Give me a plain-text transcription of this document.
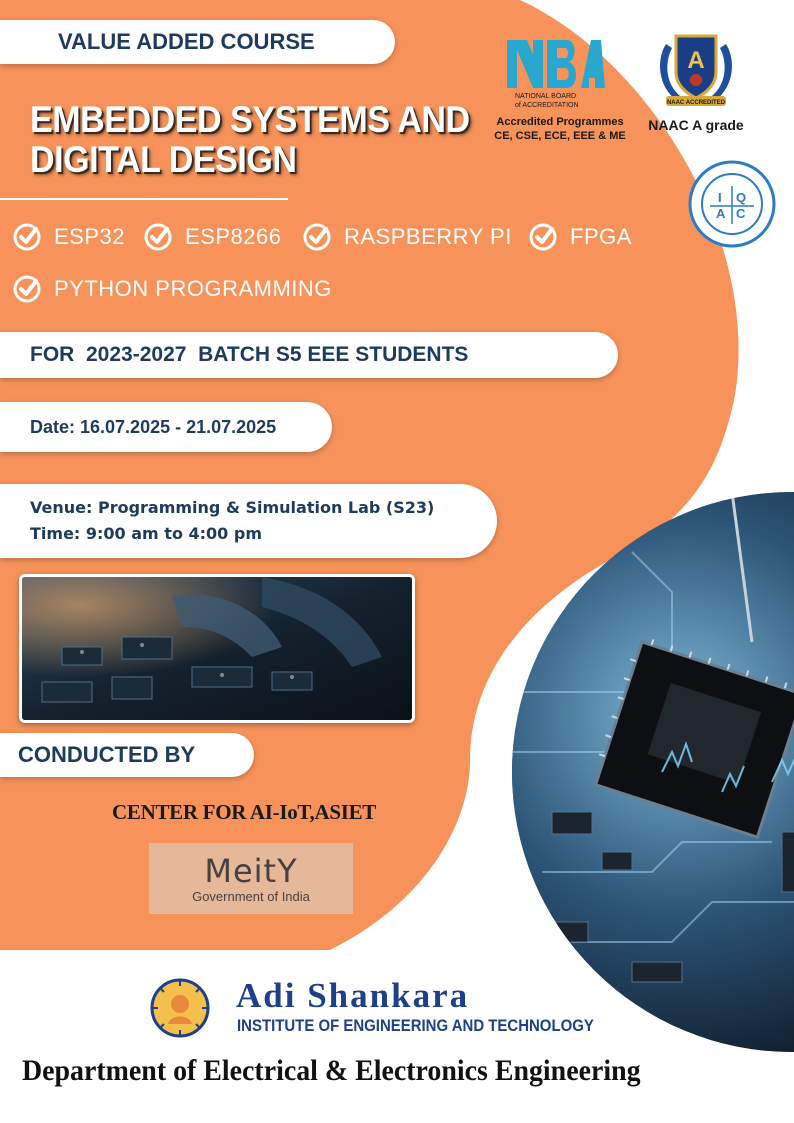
VALUE ADDED COURSE
EMBEDDED SYSTEMS AND
DIGITAL DESIGN
ESP32	ESP8266	RASPBERRY PI	FPGA
PYTHON PROGRAMMING
FOR  2023-2027  BATCH S5 EEE STUDENTS
Date: 16.07.2025 - 21.07.2025
Venue: Programming & Simulation Lab (S23)
Time: 9:00 am to 4:00 pm
CONDUCTED BY
CENTER FOR AI-IoT,ASIET
MeitY
Government of India
NATIONAL BOARD
of ACCREDITATION
Accredited Programmes
CE, CSE, ECE, EEE & ME
A
NAAC ACCREDITED
NAAC A grade
I Q
A C
Adi Shankara
INSTITUTE OF ENGINEERING AND TECHNOLOGY
Department of Electrical & Electronics Engineering
